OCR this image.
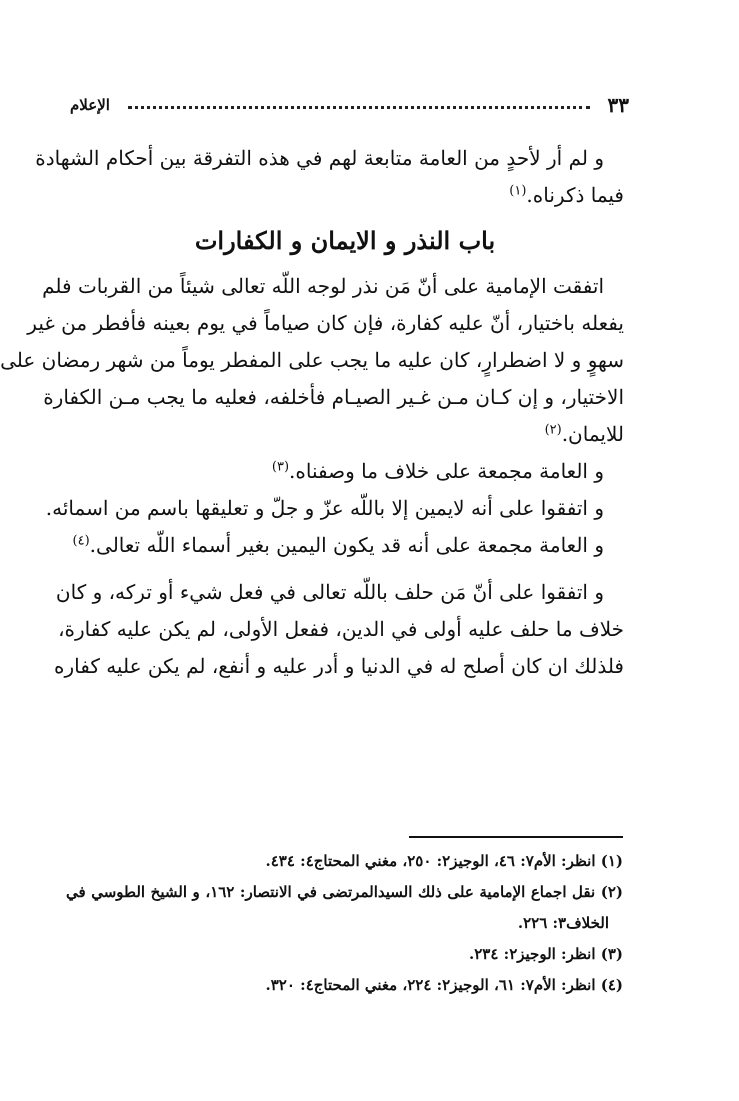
٣٣
الإعلام
و لم أر لأحدٍ من العامة متابعة لهم في هذه التفرقة بين أحكام الشهادة
فيما ذكرناه.$^{(١)}$
باب النذر و الايمان و الكفارات
اتفقت الإمامية على أنّ مَن نذر لوجه اللّه تعالى شيئاً من القربات فلم
يفعله باختيار، أنّ عليه كفارة، فإن كان صياماً في يوم بعينه فأفطر من غير
سهوٍ و لا اضطرارٍ، كان عليه ما يجب على المفطر يوماً من شهر رمضان على
الاختيار، و إن كـان مـن غـير الصيـام فأخلفه، فعليه ما يجب مـن الكفارة
للايمان.$^{(٢)}$
و العامة مجمعة على خلاف ما وصفناه.$^{(٣)}$
و اتفقوا على أنه لايمين إلا باللّه عزّ و جلّ و تعليقها باسم من اسمائه.
و العامة مجمعة على أنه قد يكون اليمين بغير أسماء اللّه تعالى.$^{(٤)}$
و اتفقوا على أنّ مَن حلف باللّه تعالى في فعل شيء أو تركه، و كان
خلاف ما حلف عليه أولى في الدين، ففعل الأولى، لم يكن عليه كفارة،
فلذلك ان كان أصلح له في الدنيا و أدر عليه و أنفع، لم يكن عليه كفاره
(١) انظر: الأم٧: ٤٦، الوجيز٢: ٢٥٠، مغني المحتاج٤: ٤٣٤.
(٢) نقل اجماع الإمامية على ذلك السيدالمرتضى في الانتصار: ١٦٢، و الشيخ الطوسي في
الخلاف٣: ٢٢٦.
(٣) انظر: الوجيز٢: ٢٣٤.
(٤) انظر: الأم٧: ٦١، الوجيز٢: ٢٢٤، مغني المحتاج٤: ٣٢٠.
